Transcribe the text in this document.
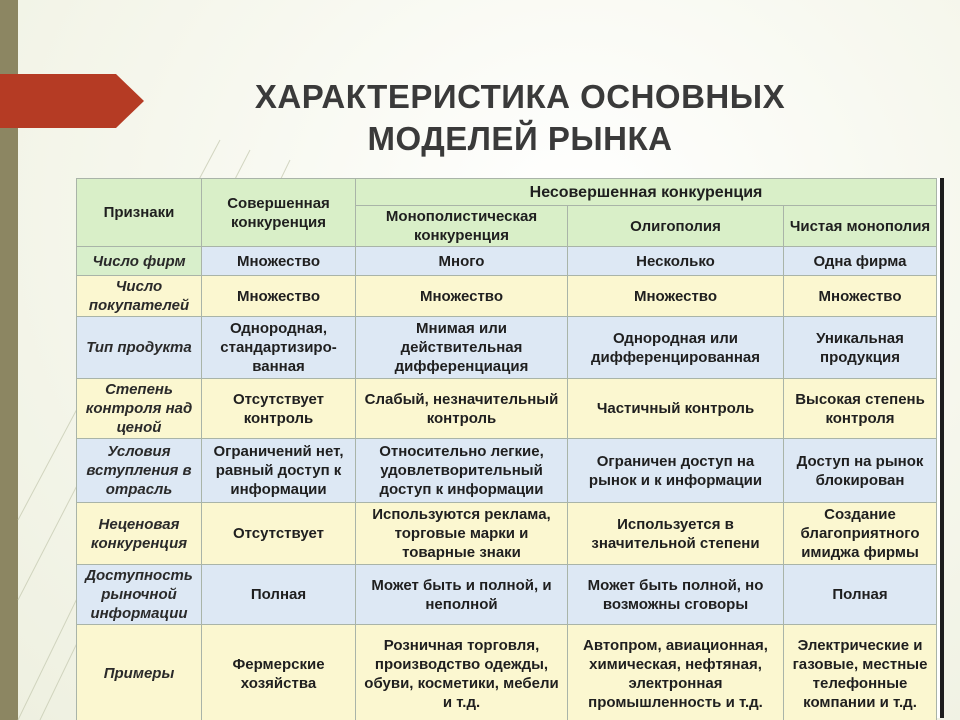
ХАРАКТЕРИСТИКА ОСНОВНЫХ
МОДЕЛЕЙ РЫНКА
Признаки	Совершенная конкуренция	Несовершенная конкуренция		
		Монополистическая конкуренция	Олигополия	Чистая монополия
Число фирм	Множество	Много	Несколько	Одна фирма
Число покупателей	Множество	Множество	Множество	Множество
Тип продукта	Однородная, стандартизиро-ванная	Мнимая или действительная дифференциация	Однородная или дифференцированная	Уникальная продукция
Степень контроля над ценой	Отсутствует контроль	Слабый, незначительный контроль	Частичный контроль	Высокая степень контроля
Условия вступления в отрасль	Ограничений нет, равный доступ к информации	Относительно легкие, удовлетворительный доступ к информации	Ограничен доступ на рынок и к информации	Доступ на рынок блокирован
Неценовая конкуренция	Отсутствует	Используются реклама, торговые марки и товарные знаки	Используется в значительной степени	Создание благоприятного имиджа фирмы
Доступность рыночной информации	Полная	Может быть и полной, и неполной	Может быть полной, но возможны сговоры	Полная
Примеры	Фермерские хозяйства	Розничная торговля, производство одежды, обуви, косметики, мебели и т.д.	Автопром, авиационная, химическая, нефтяная, электронная промышленность и т.д.	Электрические и газовые, местные телефонные компании и т.д.
